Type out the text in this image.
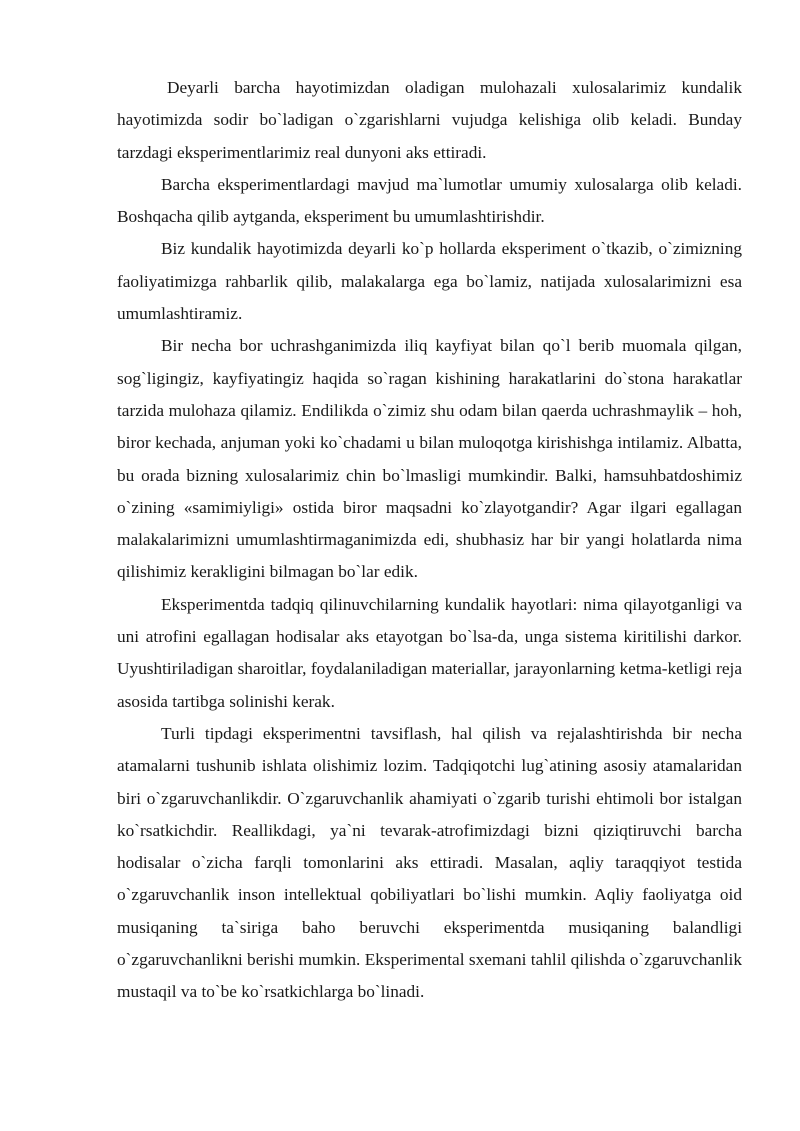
Deyarli barcha hayotimizdan oladigan mulohazali xulosalarimiz kundalik hayotimizda sodir bo`ladigan o`zgarishlarni vujudga kelishiga olib keladi. Bunday tarzdagi eksperimentlarimiz real dunyoni aks ettiradi.

Barcha eksperimentlardagi mavjud ma`lumotlar umumiy xulosalarga olib keladi. Boshqacha qilib aytganda, eksperiment bu umumlashtirishdir.

Biz kundalik hayotimizda deyarli ko`p hollarda eksperiment o`tkazib, o`zimizning faoliyatimizga rahbarlik qilib, malakalarga ega bo`lamiz, natijada xulosalarimizni esa umumlashtiramiz.

Bir necha bor uchrashganimizda iliq kayfiyat bilan qo`l berib muomala qilgan, sog`ligingiz, kayfiyatingiz haqida so`ragan kishining harakatlarini do`stona harakatlar tarzida mulohaza qilamiz. Endilikda o`zimiz shu odam bilan qaerda uchrashmaylik – hoh, biror kechada, anjuman yoki ko`chadami u bilan muloqotga kirishishga intilamiz. Albatta, bu orada bizning xulosalarimiz chin bo`lmasligi mumkindir. Balki, hamsuhbatdoshimiz o`zining «samimiyligi» ostida biror maqsadni ko`zlayotgandir? Agar ilgari egallagan malakalarimizni umumlashtirmaganimizda edi, shubhasiz har bir yangi holatlarda nima qilishimiz kerakligini bilmagan bo`lar edik.

Eksperimentda tadqiq qilinuvchilarning kundalik hayotlari: nima qilayotganligi va uni atrofini egallagan hodisalar aks etayotgan bo`lsa-da, unga sistema kiritilishi darkor. Uyushtiriladigan sharoitlar, foydalaniladigan materiallar, jarayonlarning ketma-ketligi reja asosida tartibga solinishi kerak.

Turli tipdagi eksperimentni tavsiflash, hal qilish va rejalashtirishda bir necha atamalarni tushunib ishlata olishimiz lozim. Tadqiqotchi lug`atining asosiy atamalaridan biri o`zgaruvchanlikdir. O`zgaruvchanlik ahamiyati o`zgarib turishi ehtimoli bor istalgan ko`rsatkichdir. Reallikdagi, ya`ni tevarak-atrofimizdagi bizni qiziqtiruvchi barcha hodisalar o`zicha farqli tomonlarini aks ettiradi. Masalan, aqliy taraqqiyot testida o`zgaruvchanlik inson intellektual qobiliyatlari bo`lishi mumkin. Aqliy faoliyatga oid musiqaning ta`siriga baho beruvchi eksperimentda musiqaning balandligi o`zgaruvchanlikni berishi mumkin. Eksperimental sxemani tahlil qilishda o`zgaruvchanlik mustaqil va to`be ko`rsatkichlarga bo`linadi.
